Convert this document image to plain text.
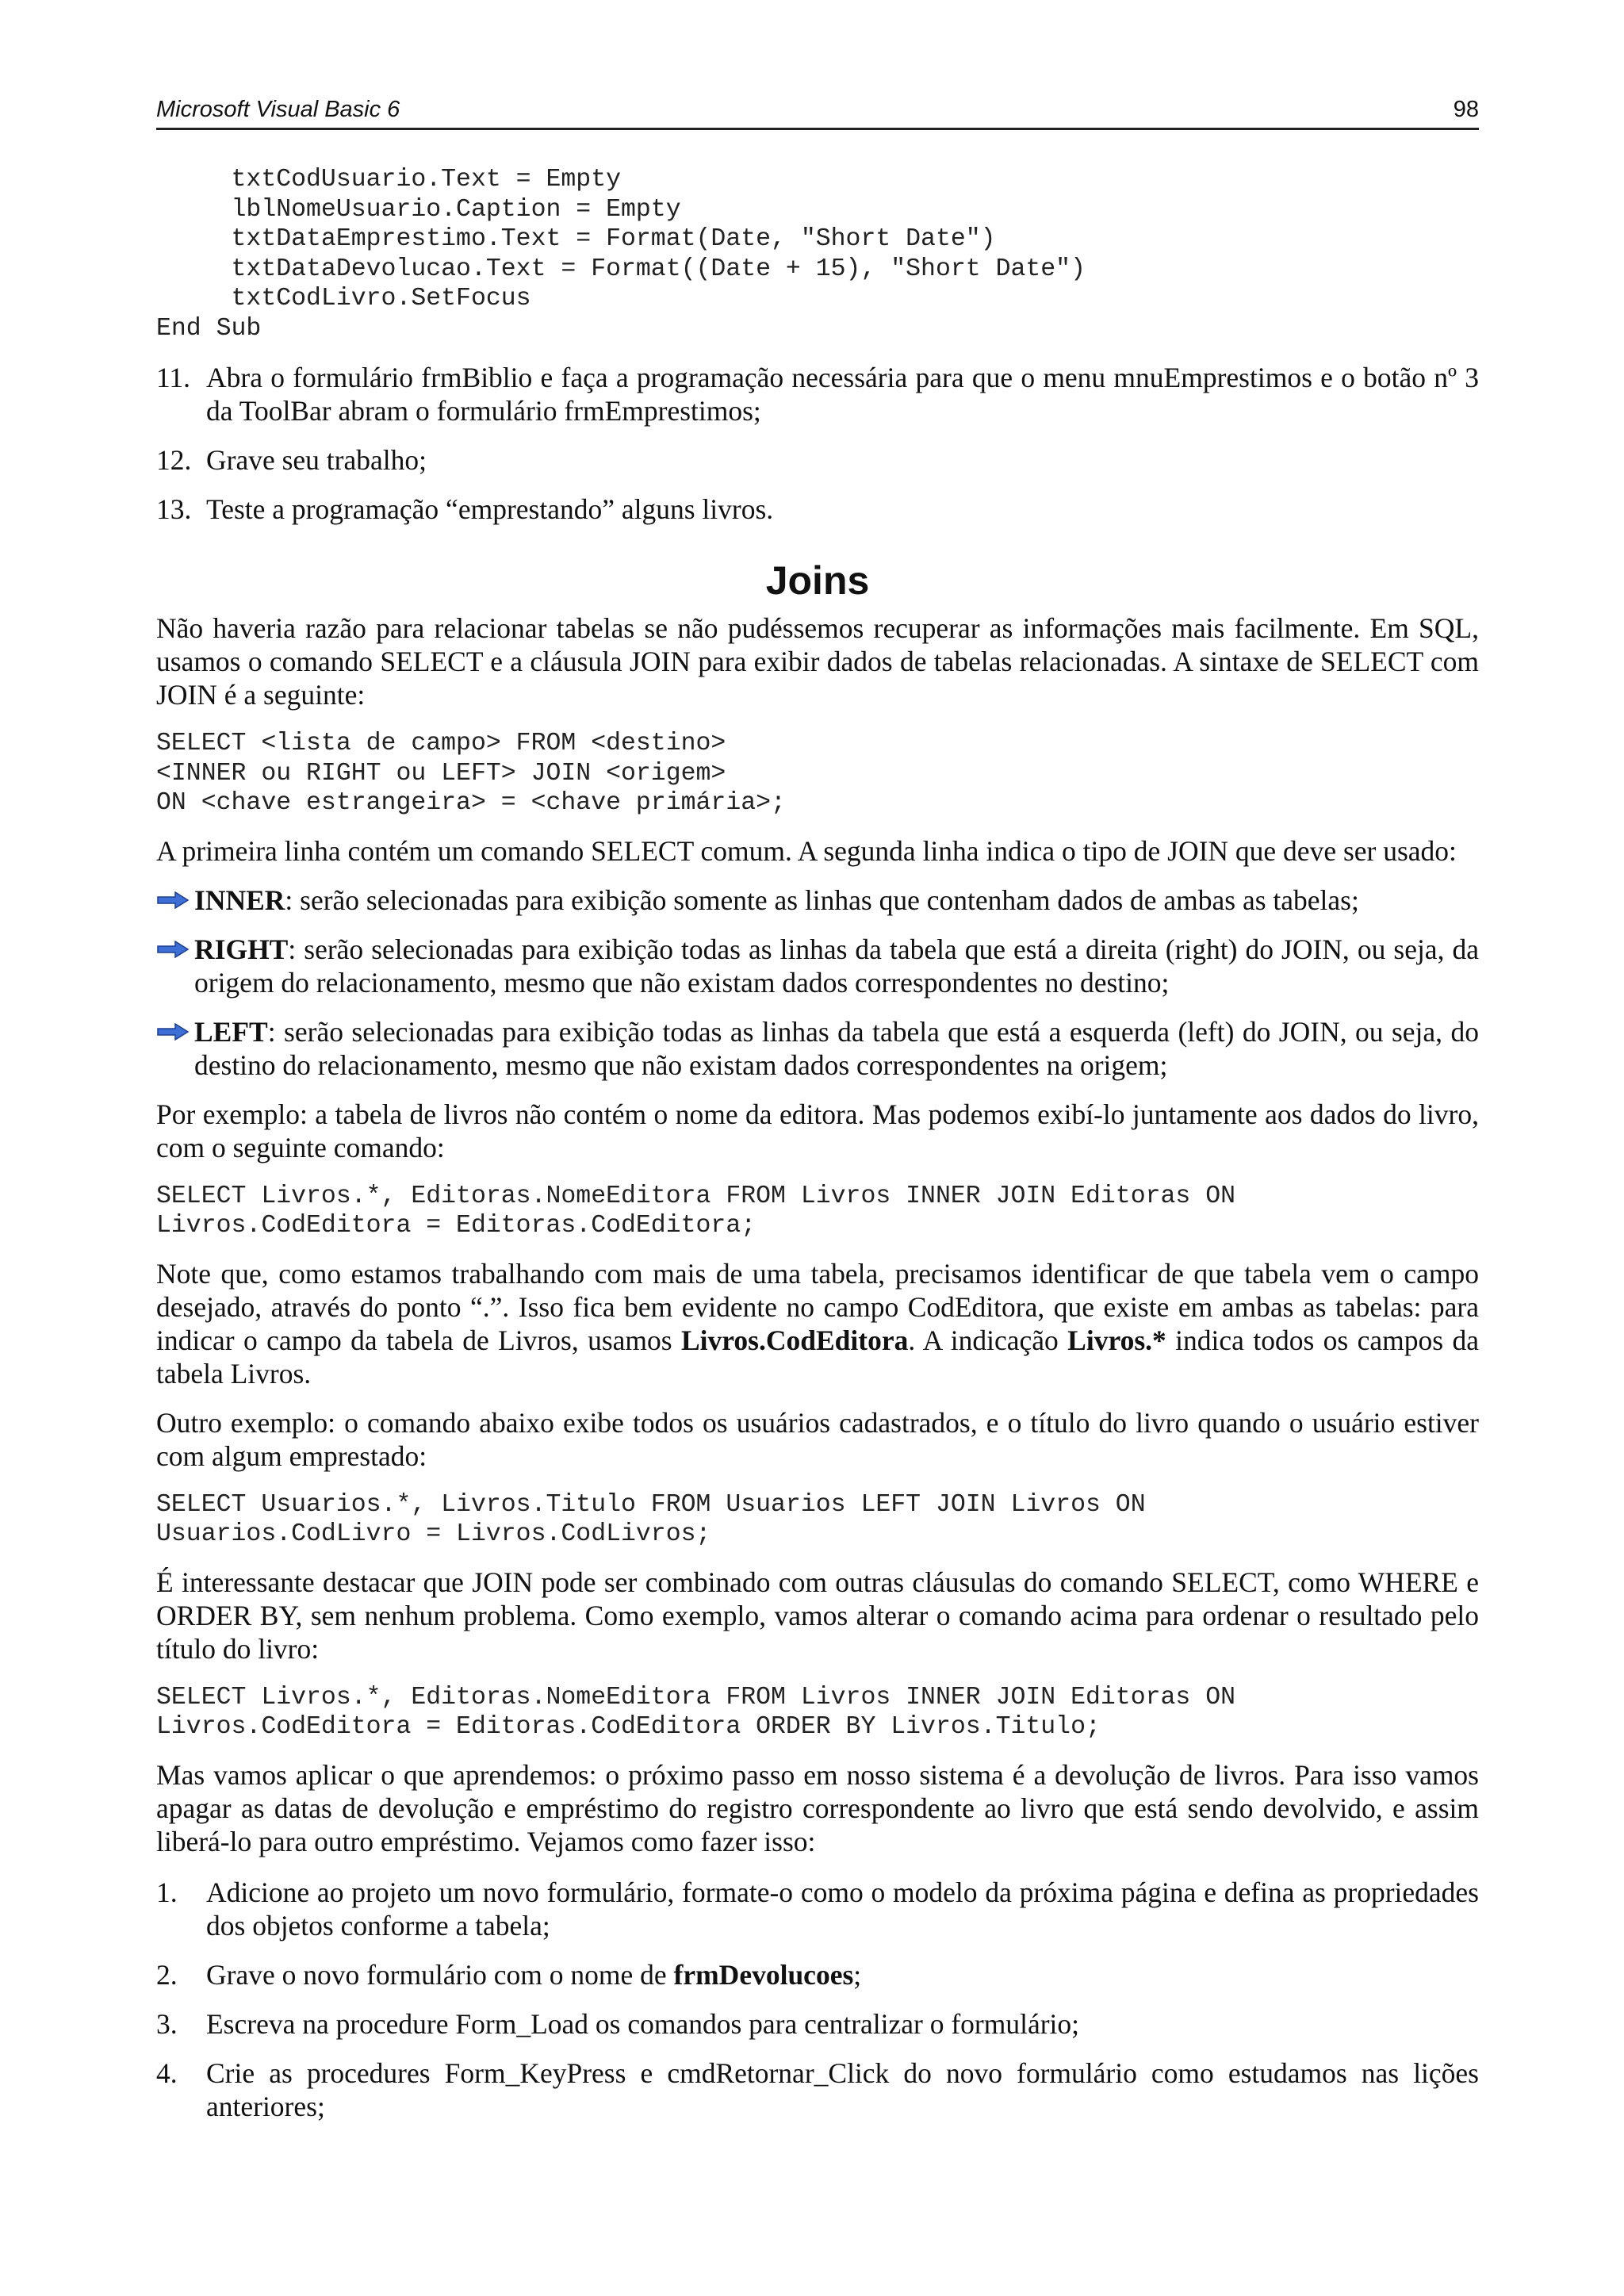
Microsoft Visual Basic 6	98
txtCodUsuario.Text = Empty
lblNomeUsuario.Caption = Empty
txtDataEmprestimo.Text = Format(Date, "Short Date")
txtDataDevolucao.Text = Format((Date + 15), "Short Date")
txtCodLivro.SetFocus
End Sub
11. Abra o formulário frmBiblio e faça a programação necessária para que o menu mnuEmprestimos e o botão nº 3 da ToolBar abram o formulário frmEmprestimos;
12. Grave seu trabalho;
13. Teste a programação “emprestando” alguns livros.
Joins

Não haveria razão para relacionar tabelas se não pudéssemos recuperar as informações mais facilmente. Em SQL, usamos o comando SELECT e a cláusula JOIN para exibir dados de tabelas relacionadas. A sintaxe de SELECT com JOIN é a seguinte:

SELECT <lista de campo> FROM <destino>
<INNER ou RIGHT ou LEFT> JOIN <origem>
ON <chave estrangeira> = <chave primária>;

A primeira linha contém um comando SELECT comum. A segunda linha indica o tipo de JOIN que deve ser usado:

INNER: serão selecionadas para exibição somente as linhas que contenham dados de ambas as tabelas;
RIGHT: serão selecionadas para exibição todas as linhas da tabela que está a direita (right) do JOIN, ou seja, da origem do relacionamento, mesmo que não existam dados correspondentes no destino;
LEFT: serão selecionadas para exibição todas as linhas da tabela que está a esquerda (left) do JOIN, ou seja, do destino do relacionamento, mesmo que não existam dados correspondentes na origem;

Por exemplo: a tabela de livros não contém o nome da editora. Mas podemos exibí-lo juntamente aos dados do livro, com o seguinte comando:

SELECT Livros.*, Editoras.NomeEditora FROM Livros INNER JOIN Editoras ON
Livros.CodEditora = Editoras.CodEditora;

Note que, como estamos trabalhando com mais de uma tabela, precisamos identificar de que tabela vem o campo desejado, através do ponto “.”. Isso fica bem evidente no campo CodEditora, que existe em ambas as tabelas: para indicar o campo da tabela de Livros, usamos Livros.CodEditora. A indicação Livros.* indica todos os campos da tabela Livros.

Outro exemplo: o comando abaixo exibe todos os usuários cadastrados, e o título do livro quando o usuário estiver com algum emprestado:

SELECT Usuarios.*, Livros.Titulo FROM Usuarios LEFT JOIN Livros ON
Usuarios.CodLivro = Livros.CodLivros;

É interessante destacar que JOIN pode ser combinado com outras cláusulas do comando SELECT, como WHERE e ORDER BY, sem nenhum problema. Como exemplo, vamos alterar o comando acima para ordenar o resultado pelo título do livro:

SELECT Livros.*, Editoras.NomeEditora FROM Livros INNER JOIN Editoras ON
Livros.CodEditora = Editoras.CodEditora ORDER BY Livros.Titulo;

Mas vamos aplicar o que aprendemos: o próximo passo em nosso sistema é a devolução de livros. Para isso vamos apagar as datas de devolução e empréstimo do registro correspondente ao livro que está sendo devolvido, e assim liberá-lo para outro empréstimo. Vejamos como fazer isso:

1. Adicione ao projeto um novo formulário, formate-o como o modelo da próxima página e defina as propriedades dos objetos conforme a tabela;
2. Grave o novo formulário com o nome de frmDevolucoes;
3. Escreva na procedure Form_Load os comandos para centralizar o formulário;
4. Crie as procedures Form_KeyPress e cmdRetornar_Click do novo formulário como estudamos nas lições anteriores;
